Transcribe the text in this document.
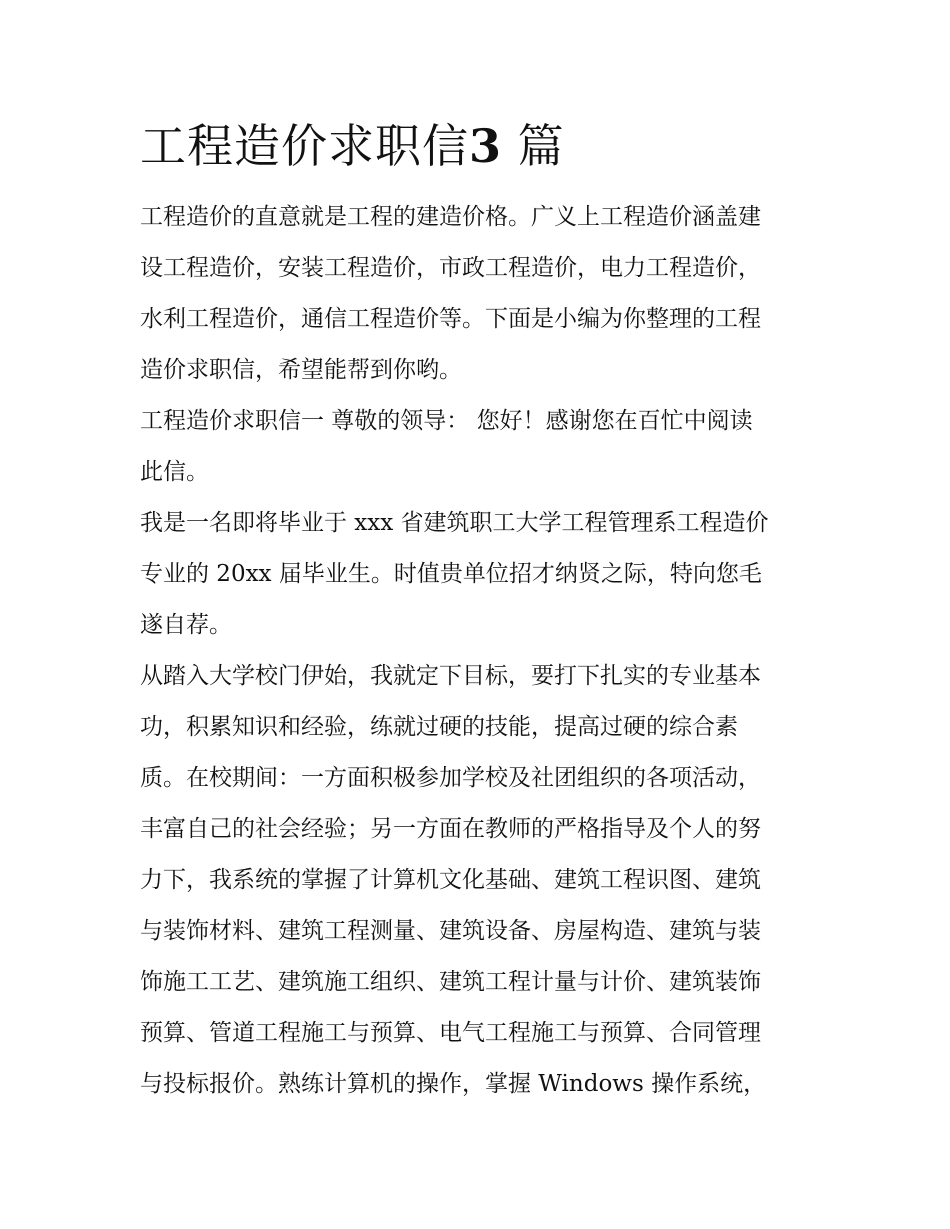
工程造价求职信3 篇

工程造价的直意就是工程的建造价格。广义上工程造价涵盖建
设工程造价，安装工程造价，市政工程造价，电力工程造价，
水利工程造价，通信工程造价等。下面是小编为你整理的工程
造价求职信，希望能帮到你哟。

工程造价求职信一 尊敬的领导： 您好！感谢您在百忙中阅读
此信。

我是一名即将毕业于 xxx 省建筑职工大学工程管理系工程造价
专业的 20xx 届毕业生。时值贵单位招才纳贤之际，特向您毛
遂自荐。

从踏入大学校门伊始，我就定下目标，要打下扎实的专业基本
功，积累知识和经验，练就过硬的技能，提高过硬的综合素
质。在校期间：一方面积极参加学校及社团组织的各项活动，
丰富自己的社会经验；另一方面在教师的严格指导及个人的努
力下，我系统的掌握了计算机文化基础、建筑工程识图、建筑
与装饰材料、建筑工程测量、建筑设备、房屋构造、建筑与装
饰施工工艺、建筑施工组织、建筑工程计量与计价、建筑装饰
预算、管道工程施工与预算、电气工程施工与预算、合同管理
与投标报价。熟练计算机的操作，掌握 Windows 操作系统，
